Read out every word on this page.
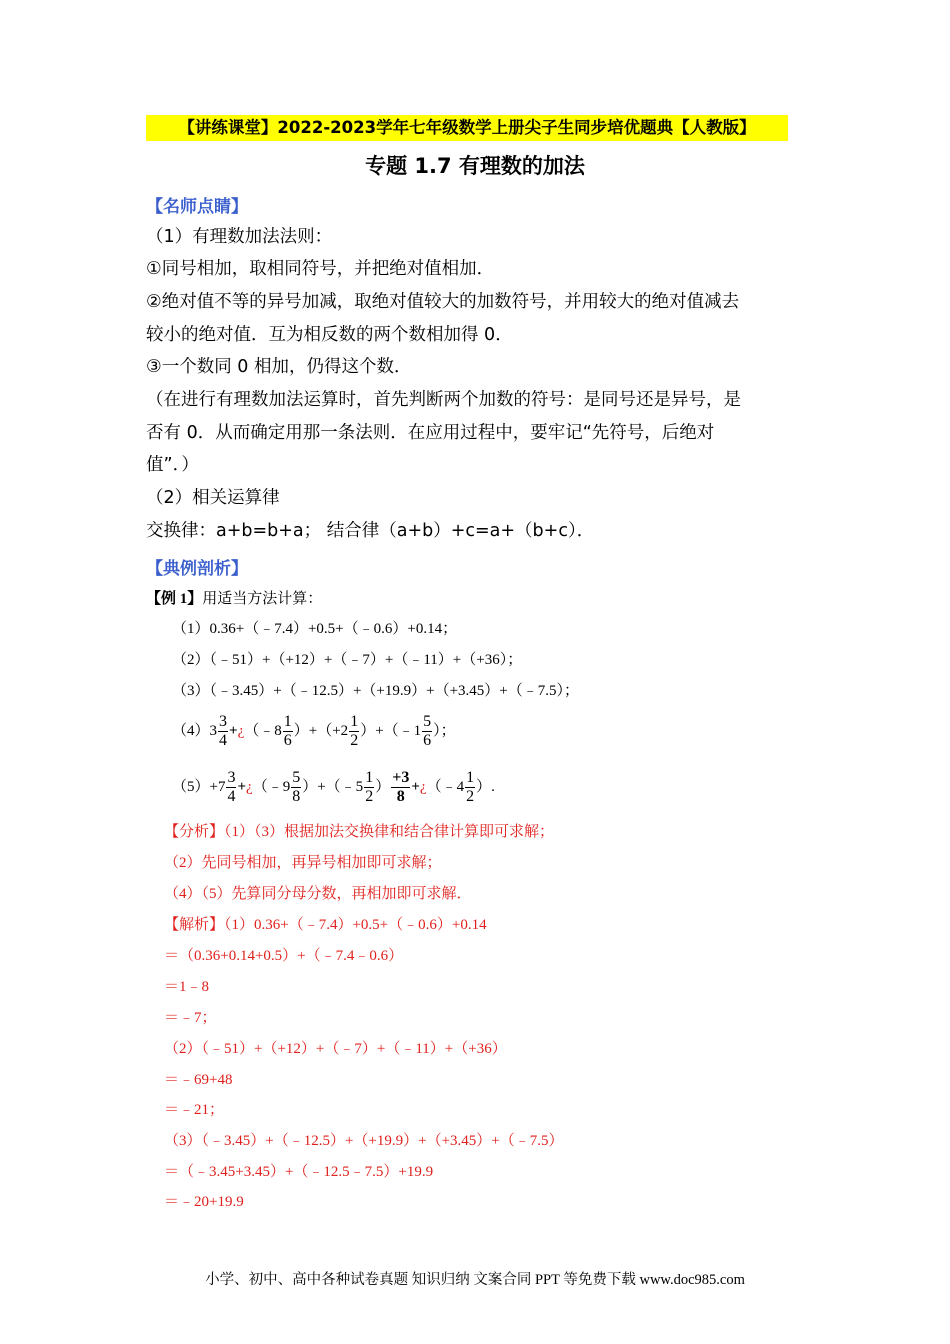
【讲练课堂】2022-2023学年七年级数学上册尖子生同步培优题典【人教版】
专题 1.7 有理数的加法
【名师点睛】
（1）有理数加法法则：
①同号相加，取相同符号，并把绝对值相加．
②绝对值不等的异号加减，取绝对值较大的加数符号，并用较大的绝对值减去
较小的绝对值．互为相反数的两个数相加得 0．
③一个数同 0 相加，仍得这个数．
（在进行有理数加法运算时，首先判断两个加数的符号：是同号还是异号，是
否有 0．从而确定用那一条法则．在应用过程中，要牢记“先符号，后绝对
值”．）
（2）相关运算律
交换律：a+b=b+a； 结合律（a+b）+c=a+（b+c）．
【典例剖析】
【例 1】用适当方法计算：
（1）0.36+（﹣7.4）+0.5+（﹣0.6）+0.14；
（2）（﹣51）+（+12）+（﹣7）+（﹣11）+（+36）；
（3）（﹣3.45）+（﹣12.5）+（+19.9）+（+3.45）+（﹣7.5）；
$(4)3 \frac{3}{4}$ +¿（﹣8 $\frac{1}{6} )+(+2 \frac{1}{2}$ ）+（﹣1 $\frac{5}{6}$ ）；
$(5)+7 \frac{3}{4}$ +¿（﹣9 $\frac{5}{8}$ ）+（﹣5 $\frac{1}{2}$ ） $\frac{+3}{8}$ +¿（﹣4 $\frac{1}{2}$ ）.
【分析】（1）（3）根据加法交换律和结合律计算即可求解；
（2）先同号相加，再异号相加即可求解；
（4）（5）先算同分母分数，再相加即可求解．
【解析】（1）0.36+（﹣7.4）+0.5+（﹣0.6）+0.14
＝（0.36+0.14+0.5）+（﹣7.4﹣0.6）
＝1﹣8
＝﹣7；
（2）（﹣51）+（+12）+（﹣7）+（﹣11）+（+36）
＝﹣69+48
＝﹣21；
（3）（﹣3.45）+（﹣12.5）+（+19.9）+（+3.45）+（﹣7.5）
＝（﹣3.45+3.45）+（﹣12.5﹣7.5）+19.9
＝﹣20+19.9
小学、初中、高中各种试卷真题 知识归纳 文案合同 PPT 等免费下载 www.doc985.com
